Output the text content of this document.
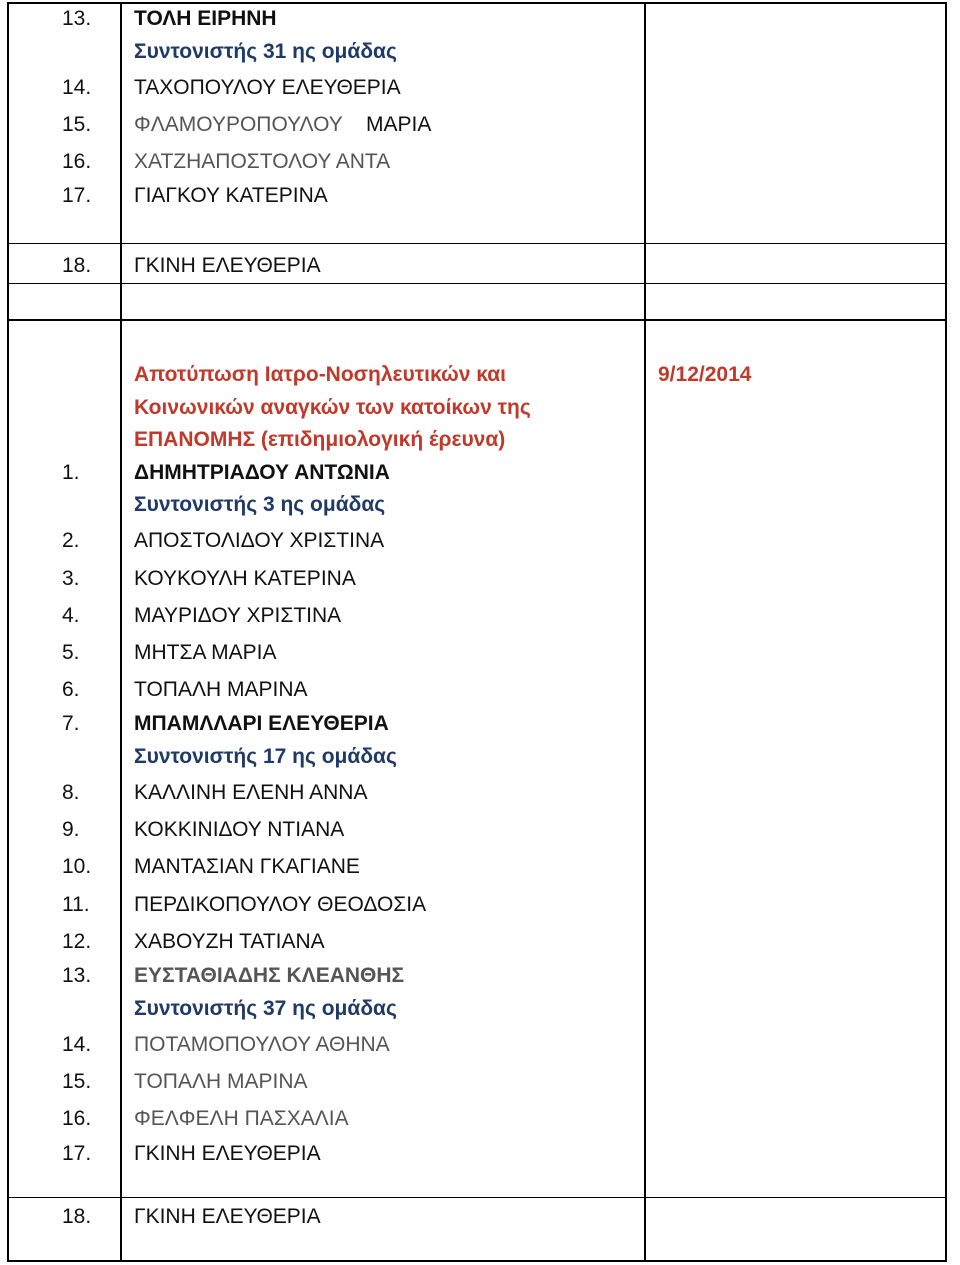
13. ΤΟΛΗ ΕΙΡΗΝΗ
Συντονιστής 31 ης ομάδας
14. ΤΑΧΟΠΟΥΛΟΥ ΕΛΕΥΘΕΡΙΑ
15. ΦΛΑΜΟΥΡΟΠΟΥΛΟΥ ΜΑΡΙΑ
16. ΧΑΤΖΗΑΠΟΣΤΟΛΟΥ ΑΝΤΑ
17. ΓΙΑΓΚΟΥ ΚΑΤΕΡΙΝΑ
18. ΓΚΙΝΗ ΕΛΕΥΘΕΡΙΑ
Αποτύπωση Ιατρο-Νοσηλευτικών και
Κοινωνικών αναγκών των κατοίκων της
ΕΠΑΝΟΜΗΣ (επιδημιολογική έρευνα)
9/12/2014
1.	ΔΗΜΗΤΡΙΑΔΟΥ ΑΝΤΩΝΙΑ
Συντονιστής 3 ης ομάδας
2.	ΑΠΟΣΤΟΛΙΔΟΥ ΧΡΙΣΤΙΝΑ
3.	ΚΟΥΚΟΥΛΗ ΚΑΤΕΡΙΝΑ
4.	ΜΑΥΡΙΔΟΥ ΧΡΙΣΤΙΝΑ
5.	ΜΗΤΣΑ ΜΑΡΙΑ
6.	ΤΟΠΑΛΗ ΜΑΡΙΝΑ
7.	ΜΠΑΜΛΛΑΡΙ ΕΛΕΥΘΕΡΙΑ
Συντονιστής 17 ης ομάδας
8.	ΚΑΛΛΙΝΗ ΕΛΕΝΗ ΑΝΝΑ
9.	ΚΟΚΚΙΝΙΔΟΥ ΝΤΙΑΝΑ
10. ΜΑΝΤΑΣΙΑΝ ΓΚΑΓΙΑΝΕ
11. ΠΕΡΔΙΚΟΠΟΥΛΟΥ ΘΕΟΔΟΣΙΑ
12. ΧΑΒΟΥΖΗ ΤΑΤΙΑΝΑ
13. ΕΥΣΤΑΘΙΑΔΗΣ ΚΛΕΑΝΘΗΣ
Συντονιστής 37 ης ομάδας
14. ΠΟΤΑΜΟΠΟΥΛΟΥ ΑΘΗΝΑ
15. ΤΟΠΑΛΗ ΜΑΡΙΝΑ
16. ΦΕΛΦΕΛΗ ΠΑΣΧΑΛΙΑ
17. ΓΚΙΝΗ ΕΛΕΥΘΕΡΙΑ
18. ΓΚΙΝΗ ΕΛΕΥΘΕΡΙΑ
